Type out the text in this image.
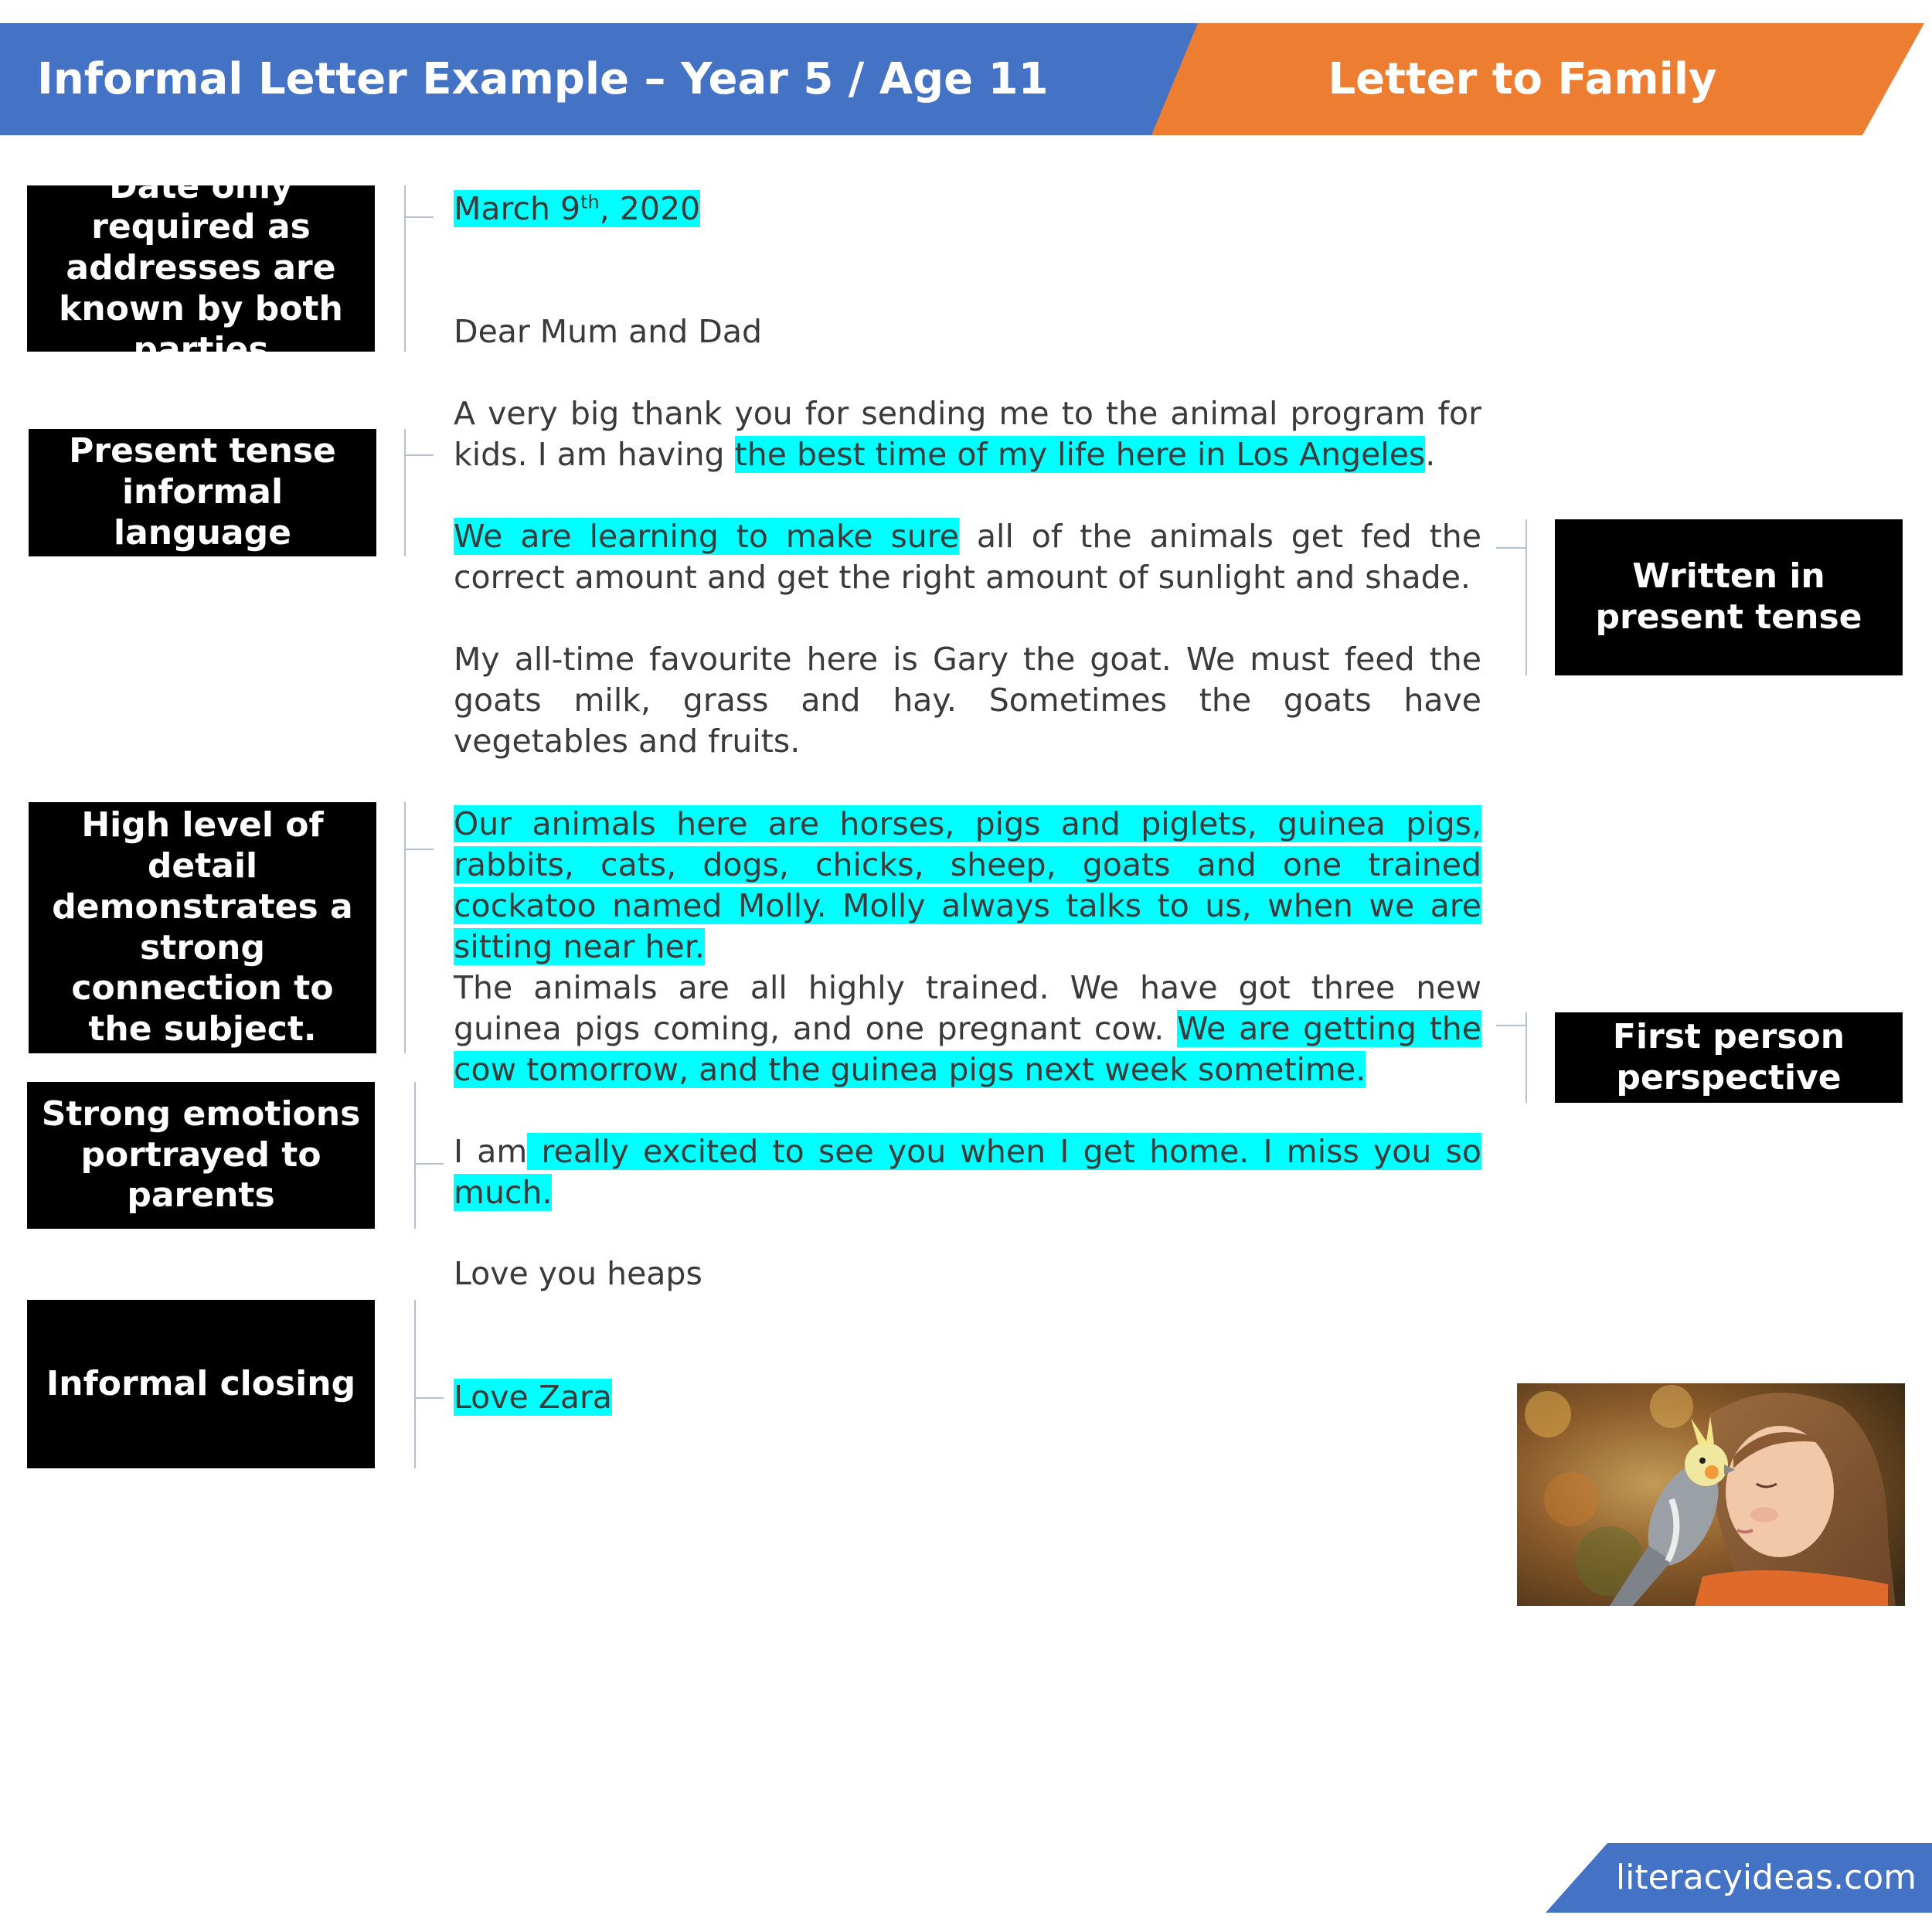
Informal Letter Example – Year 5 / Age 11	Letter to Family
Date only required as addresses are known by both parties
Present tense informal language
High level of detail demonstrates a strong connection to the subject.
Strong emotions portrayed to parents
Informal closing
Written in present tense
First person perspective
March 9th, 2020
Dear Mum and Dad
A very big thank you for sending me to the animal program for kids. I am having the best time of my life here in Los Angeles.
We are learning to make sure all of the animals get fed the correct amount and get the right amount of sunlight and shade.
My all-time favourite here is Gary the goat. We must feed the goats milk, grass and hay. Sometimes the goats have vegetables and fruits.
Our animals here are horses, pigs and piglets, guinea pigs, rabbits, cats, dogs, chicks, sheep, goats and one trained cockatoo named Molly. Molly always talks to us, when we are sitting near her.
The animals are all highly trained. We have got three new guinea pigs coming, and one pregnant cow. We are getting the cow tomorrow, and the guinea pigs next week sometime.
I am really excited to see you when I get home. I miss you so much.
Love you heaps
Love Zara
literacyideas.com
